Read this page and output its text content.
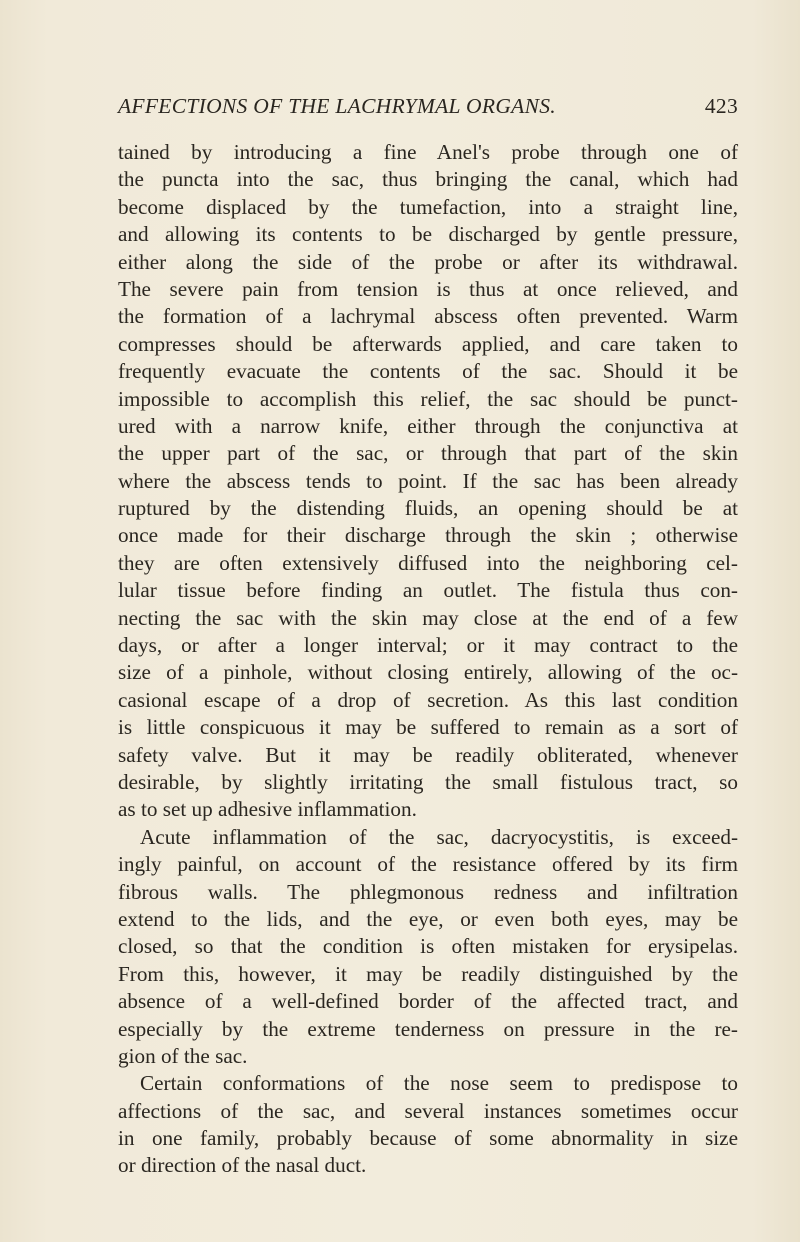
AFFECTIONS OF THE LACHRYMAL ORGANS.	423
tained by introducing a fine Anel's probe through one of
the puncta into the sac, thus bringing the canal, which had
become displaced by the tumefaction, into a straight line,
and allowing its contents to be discharged by gentle pressure,
either along the side of the probe or after its withdrawal.
The severe pain from tension is thus at once relieved, and
the formation of a lachrymal abscess often prevented. Warm
compresses should be afterwards applied, and care taken to
frequently evacuate the contents of the sac. Should it be
impossible to accomplish this relief, the sac should be punct-
ured with a narrow knife, either through the conjunctiva at
the upper part of the sac, or through that part of the skin
where the abscess tends to point. If the sac has been already
ruptured by the distending fluids, an opening should be at
once made for their discharge through the skin ; otherwise
they are often extensively diffused into the neighboring cel-
lular tissue before finding an outlet. The fistula thus con-
necting the sac with the skin may close at the end of a few
days, or after a longer interval; or it may contract to the
size of a pinhole, without closing entirely, allowing of the oc-
casional escape of a drop of secretion. As this last condition
is little conspicuous it may be suffered to remain as a sort of
safety valve. But it may be readily obliterated, whenever
desirable, by slightly irritating the small fistulous tract, so
as to set up adhesive inflammation.
Acute inflammation of the sac, dacryocystitis, is exceed-
ingly painful, on account of the resistance offered by its firm
fibrous walls. The phlegmonous redness and infiltration
extend to the lids, and the eye, or even both eyes, may be
closed, so that the condition is often mistaken for erysipelas.
From this, however, it may be readily distinguished by the
absence of a well-defined border of the affected tract, and
especially by the extreme tenderness on pressure in the re-
gion of the sac.
Certain conformations of the nose seem to predispose to
affections of the sac, and several instances sometimes occur
in one family, probably because of some abnormality in size
or direction of the nasal duct.
